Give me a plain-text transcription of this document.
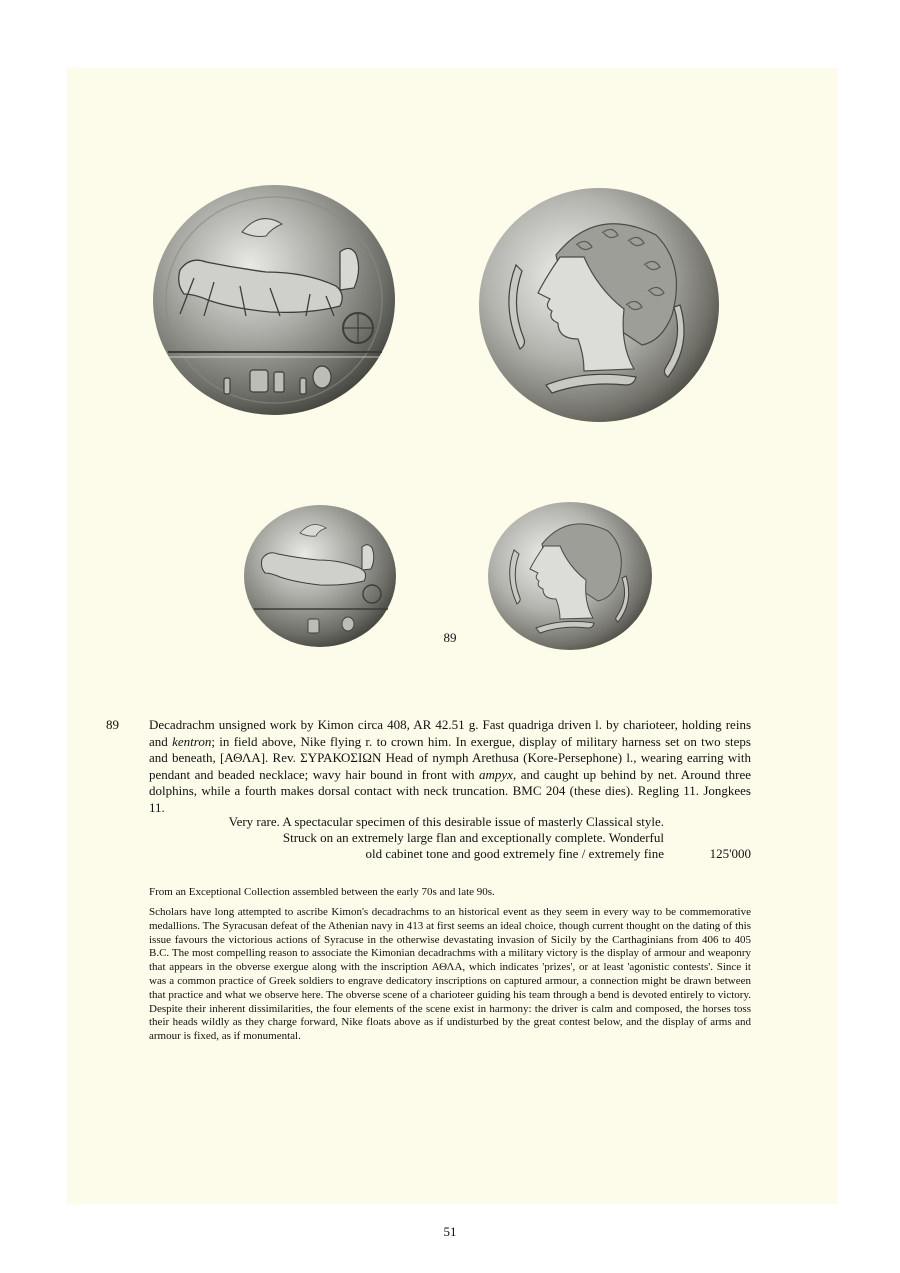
89
89 Decadrachm unsigned work by Kimon circa 408, AR 42.51 g. Fast quadriga driven l. by charioteer, holding reins and kentron; in field above, Nike flying r. to crown him. In exergue, display of military harness set on two steps and beneath, [ΑΘΛΑ]. Rev. ΣΥΡΑΚΟΣΙΩΝ Head of nymph Arethusa (Kore-Persephone) l., wearing earring with pendant and beaded necklace; wavy hair bound in front with ampyx, and caught up behind by net. Around three dolphins, while a fourth makes dorsal contact with neck truncation. BMC 204 (these dies). Regling 11. Jongkees 11.
Very rare. A spectacular specimen of this desirable issue of masterly Classical style.
Struck on an extremely large flan and exceptionally complete. Wonderful
old cabinet tone and good extremely fine / extremely fine	125'000
From an Exceptional Collection assembled between the early 70s and late 90s.
Scholars have long attempted to ascribe Kimon's decadrachms to an historical event as they seem in every way to be commemorative medallions. The Syracusan defeat of the Athenian navy in 413 at first seems an ideal choice, though current thought on the dating of this issue favours the victorious actions of Syracuse in the otherwise devastating invasion of Sicily by the Carthaginians from 406 to 405 B.C. The most compelling reason to associate the Kimonian decadrachms with a military victory is the display of armour and weaponry that appears in the obverse exergue along with the inscription ΑΘΛΑ, which indicates 'prizes', or at least 'agonistic contests'. Since it was a common practice of Greek soldiers to engrave dedicatory inscriptions on captured armour, a connection might be drawn between that practice and what we observe here. The obverse scene of a charioteer guiding his team through a bend is devoted entirely to victory. Despite their inherent dissimilarities, the four elements of the scene exist in harmony: the driver is calm and composed, the horses toss their heads wildly as they charge forward, Nike floats above as if undisturbed by the great contest below, and the display of arms and armour is fixed, as if monumental.
51
